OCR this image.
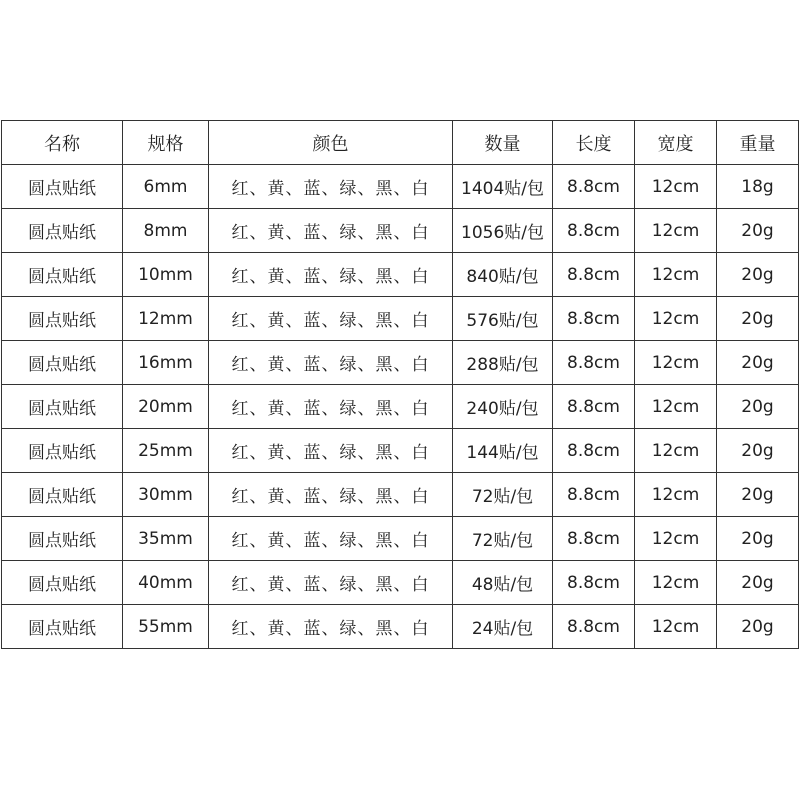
名称	规格	颜色	数量	长度	宽度	重量
圆点贴纸	6mm	红、黄、蓝、绿、黑、白	1404贴/包	8.8cm	12cm	18g
圆点贴纸	8mm	红、黄、蓝、绿、黑、白	1056贴/包	8.8cm	12cm	20g
圆点贴纸	10mm	红、黄、蓝、绿、黑、白	840贴/包	8.8cm	12cm	20g
圆点贴纸	12mm	红、黄、蓝、绿、黑、白	576贴/包	8.8cm	12cm	20g
圆点贴纸	16mm	红、黄、蓝、绿、黑、白	288贴/包	8.8cm	12cm	20g
圆点贴纸	20mm	红、黄、蓝、绿、黑、白	240贴/包	8.8cm	12cm	20g
圆点贴纸	25mm	红、黄、蓝、绿、黑、白	144贴/包	8.8cm	12cm	20g
圆点贴纸	30mm	红、黄、蓝、绿、黑、白	72贴/包	8.8cm	12cm	20g
圆点贴纸	35mm	红、黄、蓝、绿、黑、白	72贴/包	8.8cm	12cm	20g
圆点贴纸	40mm	红、黄、蓝、绿、黑、白	48贴/包	8.8cm	12cm	20g
圆点贴纸	55mm	红、黄、蓝、绿、黑、白	24贴/包	8.8cm	12cm	20g
